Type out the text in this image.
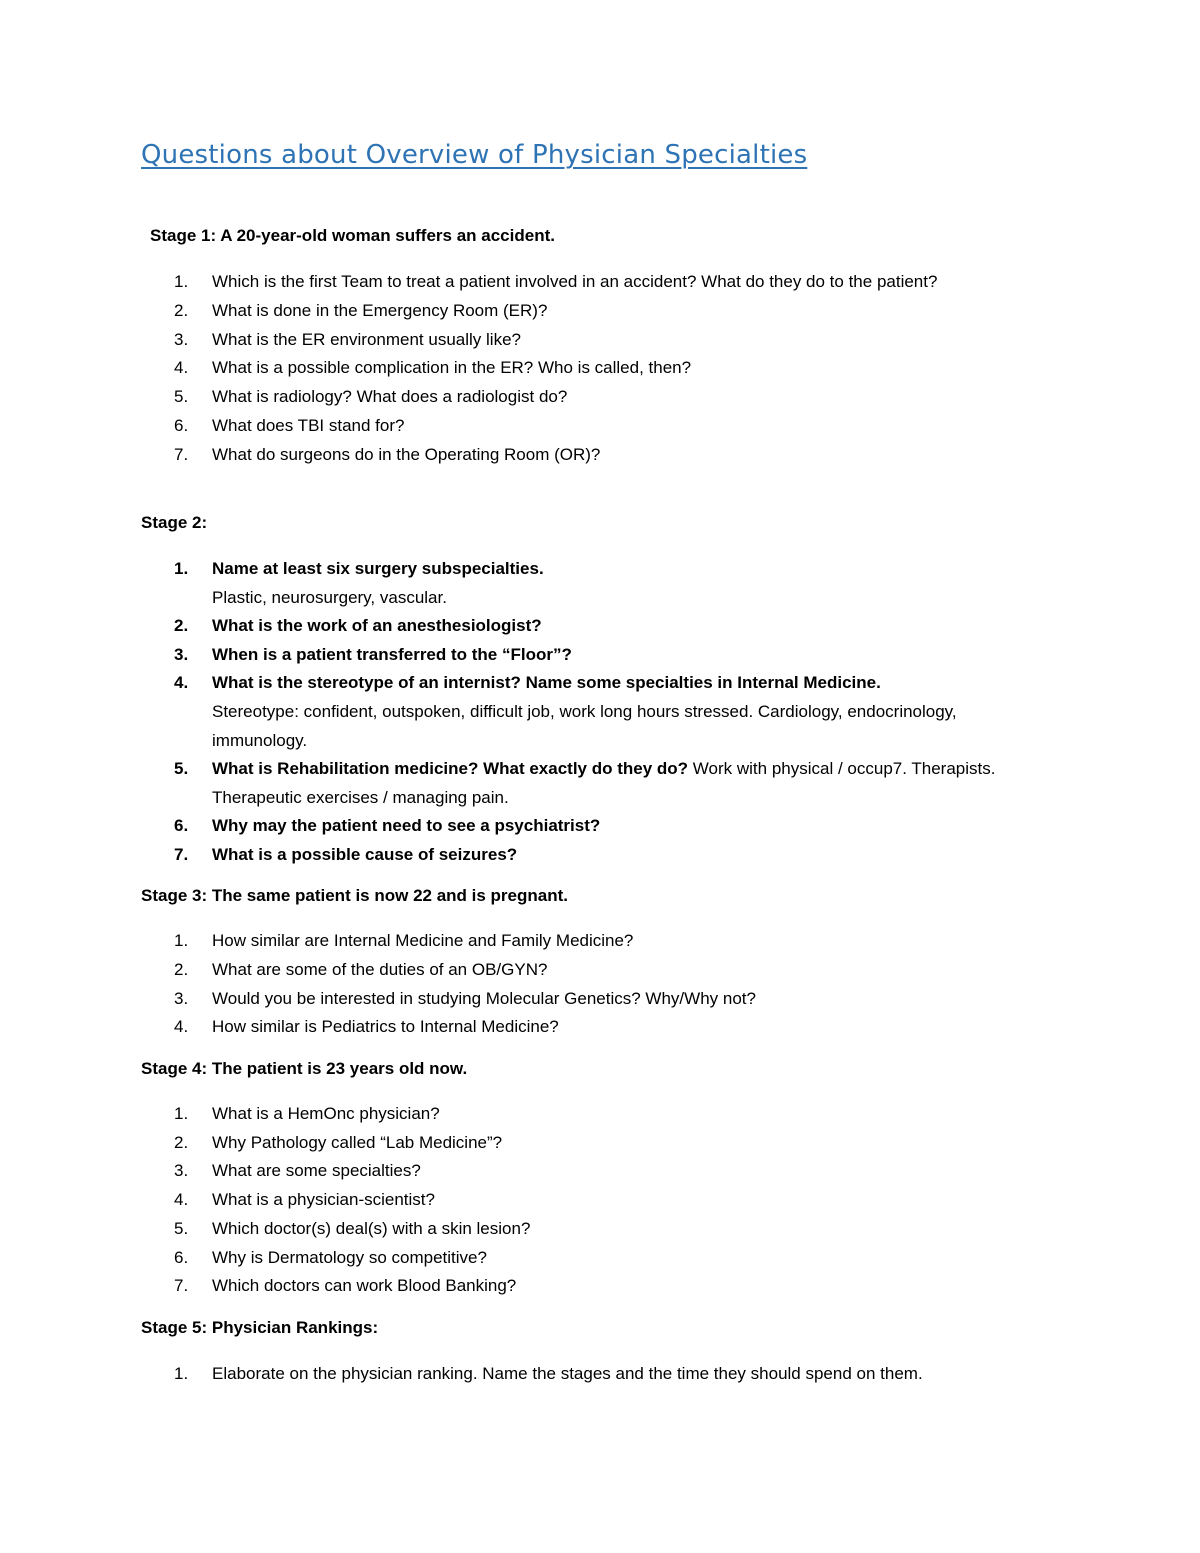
Questions about Overview of Physician Specialties

Stage 1: A 20-year-old woman suffers an accident.

1. Which is the first Team to treat a patient involved in an accident? What do they do to the patient?
2. What is done in the Emergency Room (ER)?
3. What is the ER environment usually like?
4. What is a possible complication in the ER? Who is called, then?
5. What is radiology? What does a radiologist do?
6. What does TBI stand for?
7. What do surgeons do in the Operating Room (OR)?

Stage 2:

1. Name at least six surgery subspecialties.
Plastic, neurosurgery, vascular.
2. What is the work of an anesthesiologist?
3. When is a patient transferred to the “Floor”?
4. What is the stereotype of an internist? Name some specialties in Internal Medicine.
Stereotype: confident, outspoken, difficult job, work long hours stressed. Cardiology, endocrinology, immunology.
5. What is Rehabilitation medicine? What exactly do they do? Work with physical / occup7. Therapists. Therapeutic exercises / managing pain.
6. Why may the patient need to see a psychiatrist?
7. What is a possible cause of seizures?

Stage 3: The same patient is now 22 and is pregnant.

1. How similar are Internal Medicine and Family Medicine?
2. What are some of the duties of an OB/GYN?
3. Would you be interested in studying Molecular Genetics? Why/Why not?
4. How similar is Pediatrics to Internal Medicine?

Stage 4: The patient is 23 years old now.

1. What is a HemOnc physician?
2. Why Pathology called “Lab Medicine”?
3. What are some specialties?
4. What is a physician-scientist?
5. Which doctor(s) deal(s) with a skin lesion?
6. Why is Dermatology so competitive?
7. Which doctors can work Blood Banking?

Stage 5: Physician Rankings:

1. Elaborate on the physician ranking. Name the stages and the time they should spend on them.
